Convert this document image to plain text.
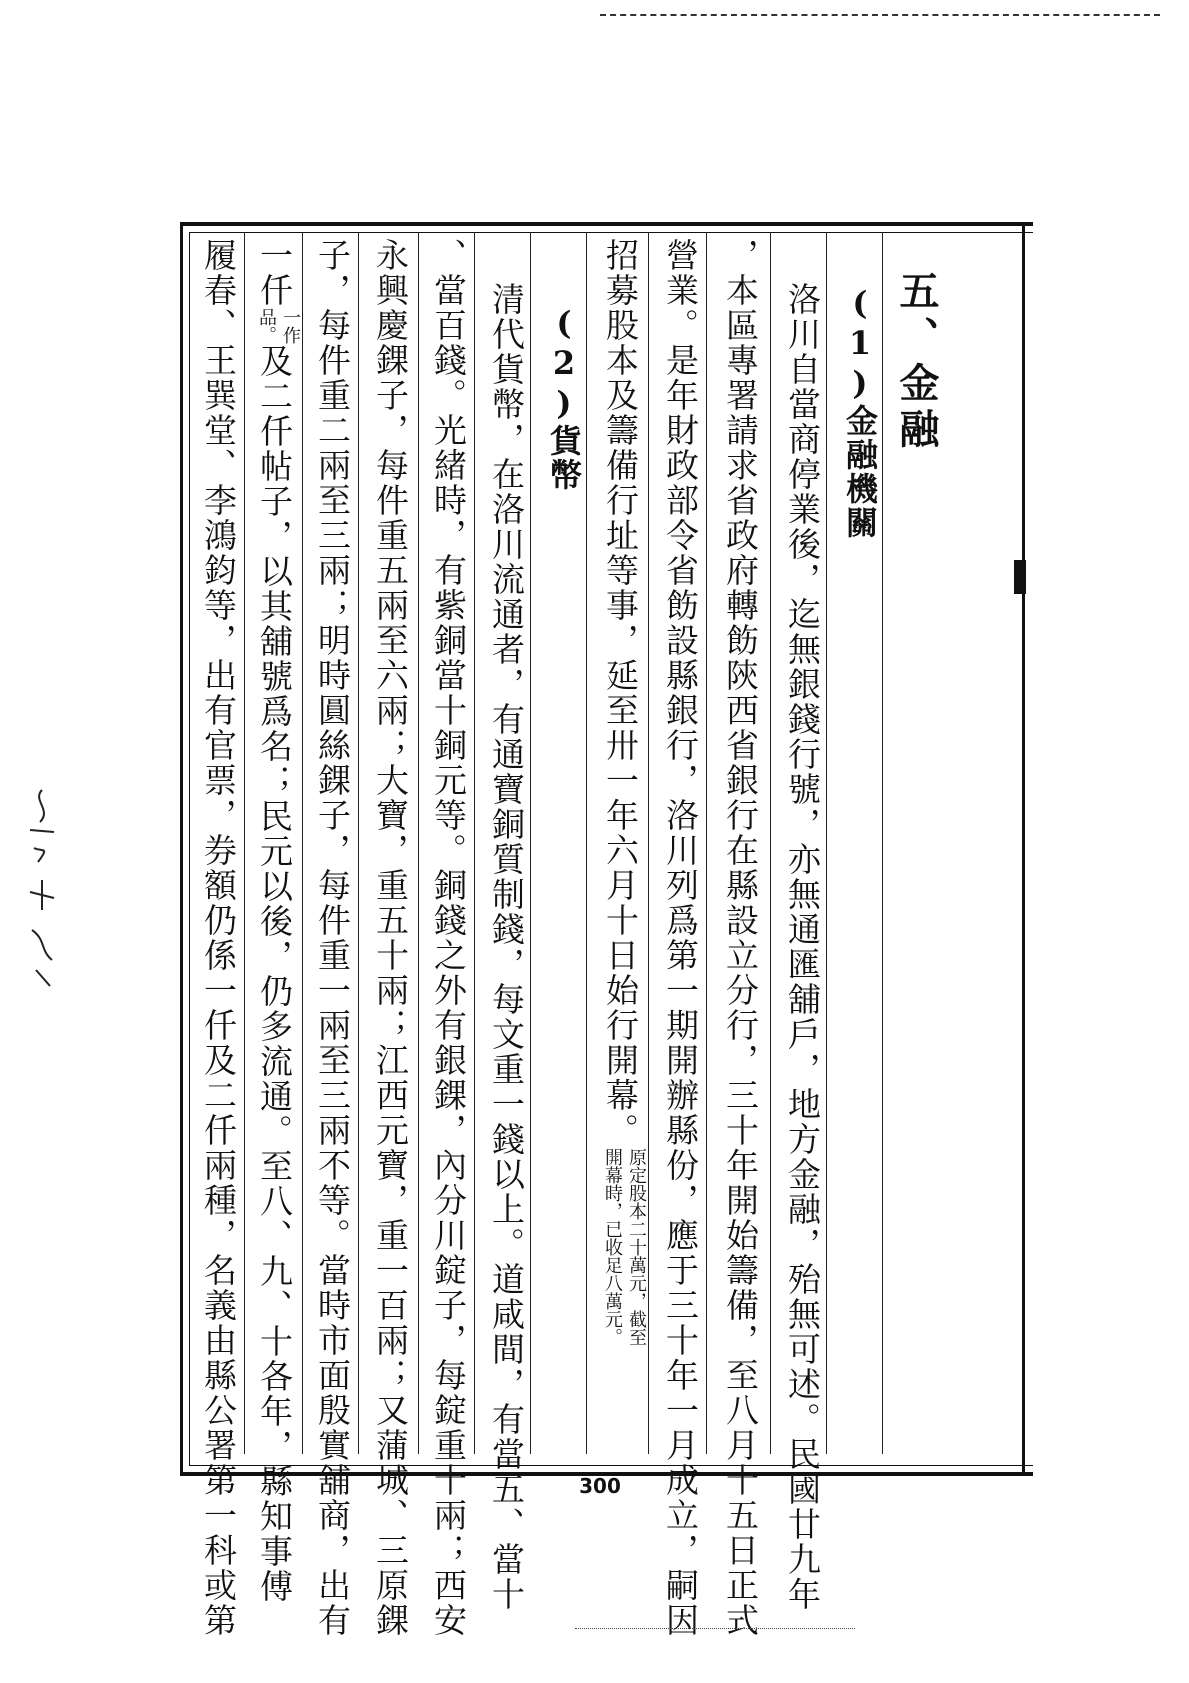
五、金融
(1)金融機關
洛川自當商停業後，迄無銀錢行號，亦無通匯舖戶，地方金融，殆無可述。民國廿九年
，本區專署請求省政府轉飭陝西省銀行在縣設立分行，三十年開始籌備，至八月十五日正式
營業。是年財政部令省飭設縣銀行，洛川列爲第一期開辦縣份，應于三十年一月成立，嗣因
招募股本及籌備行址等事，延至卅一年六月十日始行開幕。原定股本二十萬元，截至
開幕時，已收足八萬元。
(2)貨幣
清代貨幣，在洛川流通者，有通寶銅質制錢，每文重一錢以上。道咸間，有當五、當十
、當百錢。光緒時，有紫銅當十銅元等。銅錢之外有銀錁，內分川錠子，每錠重十兩；西安
永興慶錁子，每件重五兩至六兩；大寶，重五十兩；江西元寶，重一百兩；又蒲城、三原錁
子，每件重二兩至三兩；明時圓絲錁子，每件重一兩至三兩不等。當時市面殷實舖商，出有
一仟一作
品。及二仟帖子，以其舖號爲名；民元以後，仍多流通。至八、九、十各年，縣知事傅
履春、王巽堂、李鴻鈞等，出有官票，券額仍係一仟及二仟兩種，名義由縣公署第一科或第	300
